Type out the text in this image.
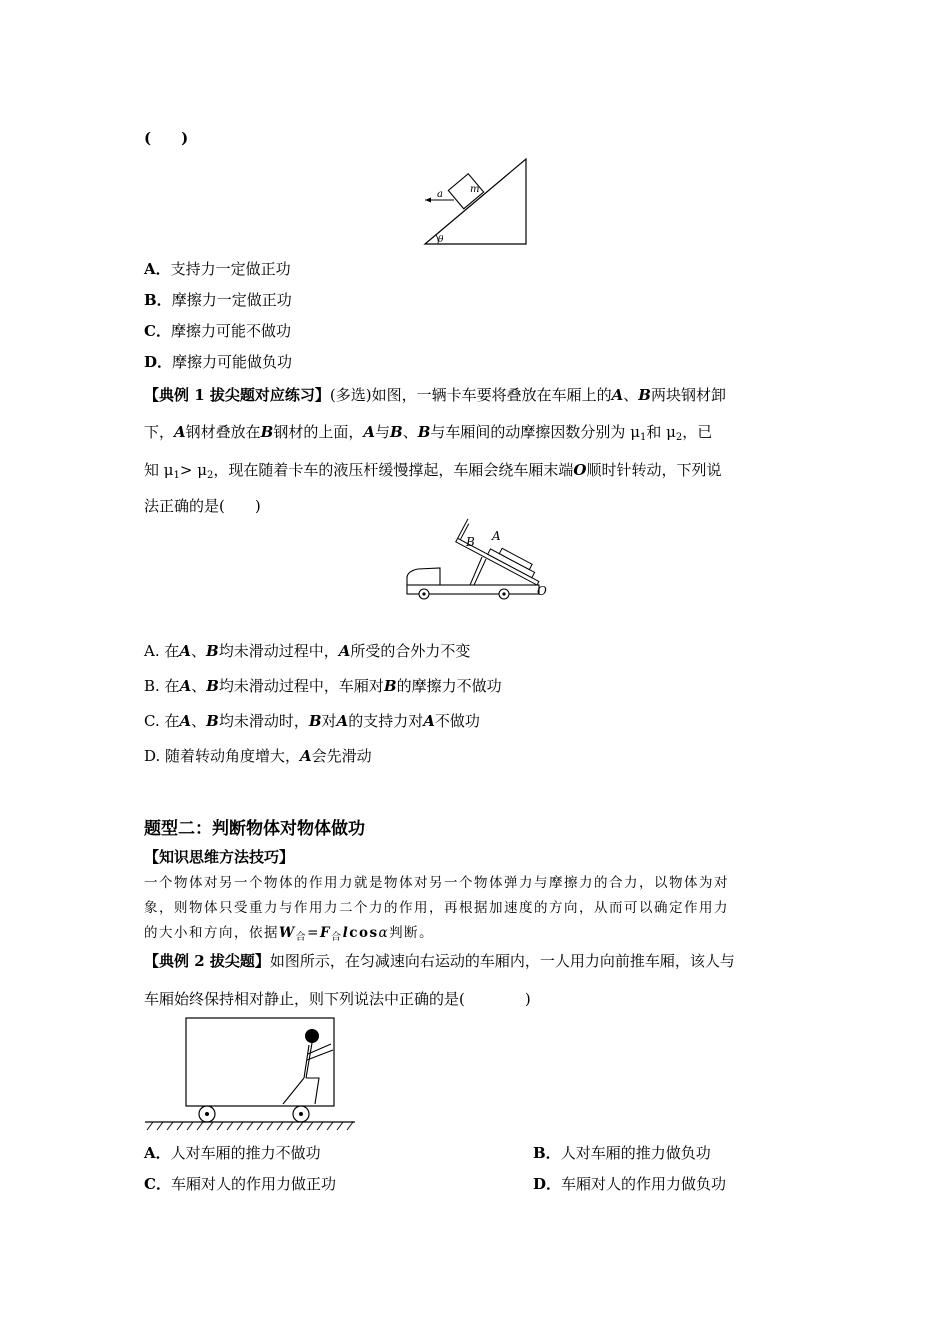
(　　)
m
a
θ
A．支持力一定做正功
B．摩擦力一定做正功
C．摩擦力可能不做功
D．摩擦力可能做负功
【典例 1 拔尖题对应练习】(多选)如图，一辆卡车要将叠放在车厢上的A、B两块钢材卸
下，A钢材叠放在B钢材的上面，A与B、B与车厢间的动摩擦因数分别为 $\mu_1$和 $\mu_2$，已
知 $\mu_1> \mu_2$，现在随着卡车的液压杆缓慢撑起，车厢会绕车厢末端O顺时针转动，下列说
法正确的是(　　)
B A
O
A. 在A、B均未滑动过程中，A所受的合外力不变
B. 在A、B均未滑动过程中，车厢对B的摩擦力不做功
C. 在A、B均未滑动时，B对A的支持力对A不做功
D. 随着转动角度增大，A会先滑动
题型二：判断物体对物体做功
【知识思维方法技巧】
一个物体对另一个物体的作用力就是物体对另一个物体弹力与摩擦力的合力，以物体为对
象，则物体只受重力与作用力二个力的作用，再根据加速度的方向，从而可以确定作用力
的大小和方向，依据$W_合=F_合lcos\alpha$判断。
【典例 2 拔尖题】如图所示，在匀减速向右运动的车厢内，一人用力向前推车厢，该人与
车厢始终保持相对静止，则下列说法中正确的是(　　　　)
A．人对车厢的推力不做功	B．人对车厢的推力做负功
C．车厢对人的作用力做正功	D．车厢对人的作用力做负功
